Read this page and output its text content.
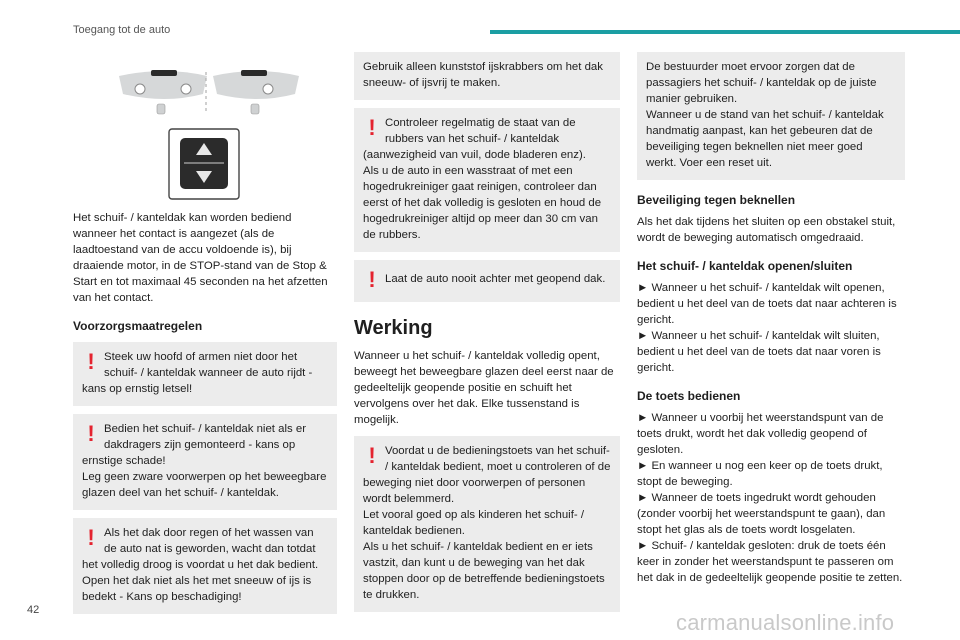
Toegang tot de auto

Het schuif- / kanteldak kan worden bediend wanneer het contact is aangezet (als de laadtoestand van de accu voldoende is), bij draaiende motor, in de STOP-stand van de Stop & Start en tot maximaal 45 seconden na het afzetten van het contact.

Voorzorgsmaatregelen
! Steek uw hoofd of armen niet door het schuif- / kanteldak wanneer de auto rijdt - kans op ernstig letsel!

! Bedien het schuif- / kanteldak niet als er dakdragers zijn gemonteerd - kans op ernstige schade!

Leg geen zware voorwerpen op het beweegbare glazen deel van het schuif- / kanteldak.

! Als het dak door regen of het wassen van de auto nat is geworden, wacht dan totdat het volledig droog is voordat u het dak bedient.

Open het dak niet als het met sneeuw of ijs is bedekt - Kans op beschadiging!

Gebruik alleen kunststof ijskrabbers om het dak sneeuw- of ijsvrij te maken.

! Controleer regelmatig de staat van de rubbers van het schuif- / kanteldak (aanwezigheid van vuil, dode bladeren enz).

Als u de auto in een wasstraat of met een hogedrukreiniger gaat reinigen, controleer dan eerst of het dak volledig is gesloten en houd de hogedrukreiniger altijd op meer dan 30 cm van de rubbers.

! Laat de auto nooit achter met geopend dak.

Werking

Wanneer u het schuif- / kanteldak volledig opent, beweegt het beweegbare glazen deel eerst naar de gedeeltelijk geopende positie en schuift het vervolgens over het dak. Elke tussenstand is mogelijk.

! Voordat u de bedieningstoets van het schuif- / kanteldak bedient, moet u controleren of de beweging niet door voorwerpen of personen wordt belemmerd.

Let vooral goed op als kinderen het schuif- / kanteldak bedienen.

Als u het schuif- / kanteldak bedient en er iets vastzit, dan kunt u de beweging van het dak stoppen door op de betreffende bedieningstoets te drukken.

De bestuurder moet ervoor zorgen dat de passagiers het schuif- / kanteldak op de juiste manier gebruiken.

Wanneer u de stand van het schuif- / kanteldak handmatig aanpast, kan het gebeuren dat de beveiliging tegen beknellen niet meer goed werkt. Voer een reset uit.

Beveiliging tegen beknellen

Als het dak tijdens het sluiten op een obstakel stuit, wordt de beweging automatisch omgedraaid.

Het schuif- / kanteldak openen/sluiten

► Wanneer u het schuif- / kanteldak wilt openen, bedient u het deel van de toets dat naar achteren is gericht.

► Wanneer u het schuif- / kanteldak wilt sluiten, bedient u het deel van de toets dat naar voren is gericht.

De toets bedienen

► Wanneer u voorbij het weerstandspunt van de toets drukt, wordt het dak volledig geopend of gesloten.

► En wanneer u nog een keer op de toets drukt, stopt de beweging.

► Wanneer de toets ingedrukt wordt gehouden (zonder voorbij het weerstandspunt te gaan), dan stopt het glas als de toets wordt losgelaten.

► Schuif- / kanteldak gesloten: druk de toets één keer in zonder het weerstandspunt te passeren om het dak in de gedeeltelijk geopende positie te zetten.

42	carmanualsonline.info
